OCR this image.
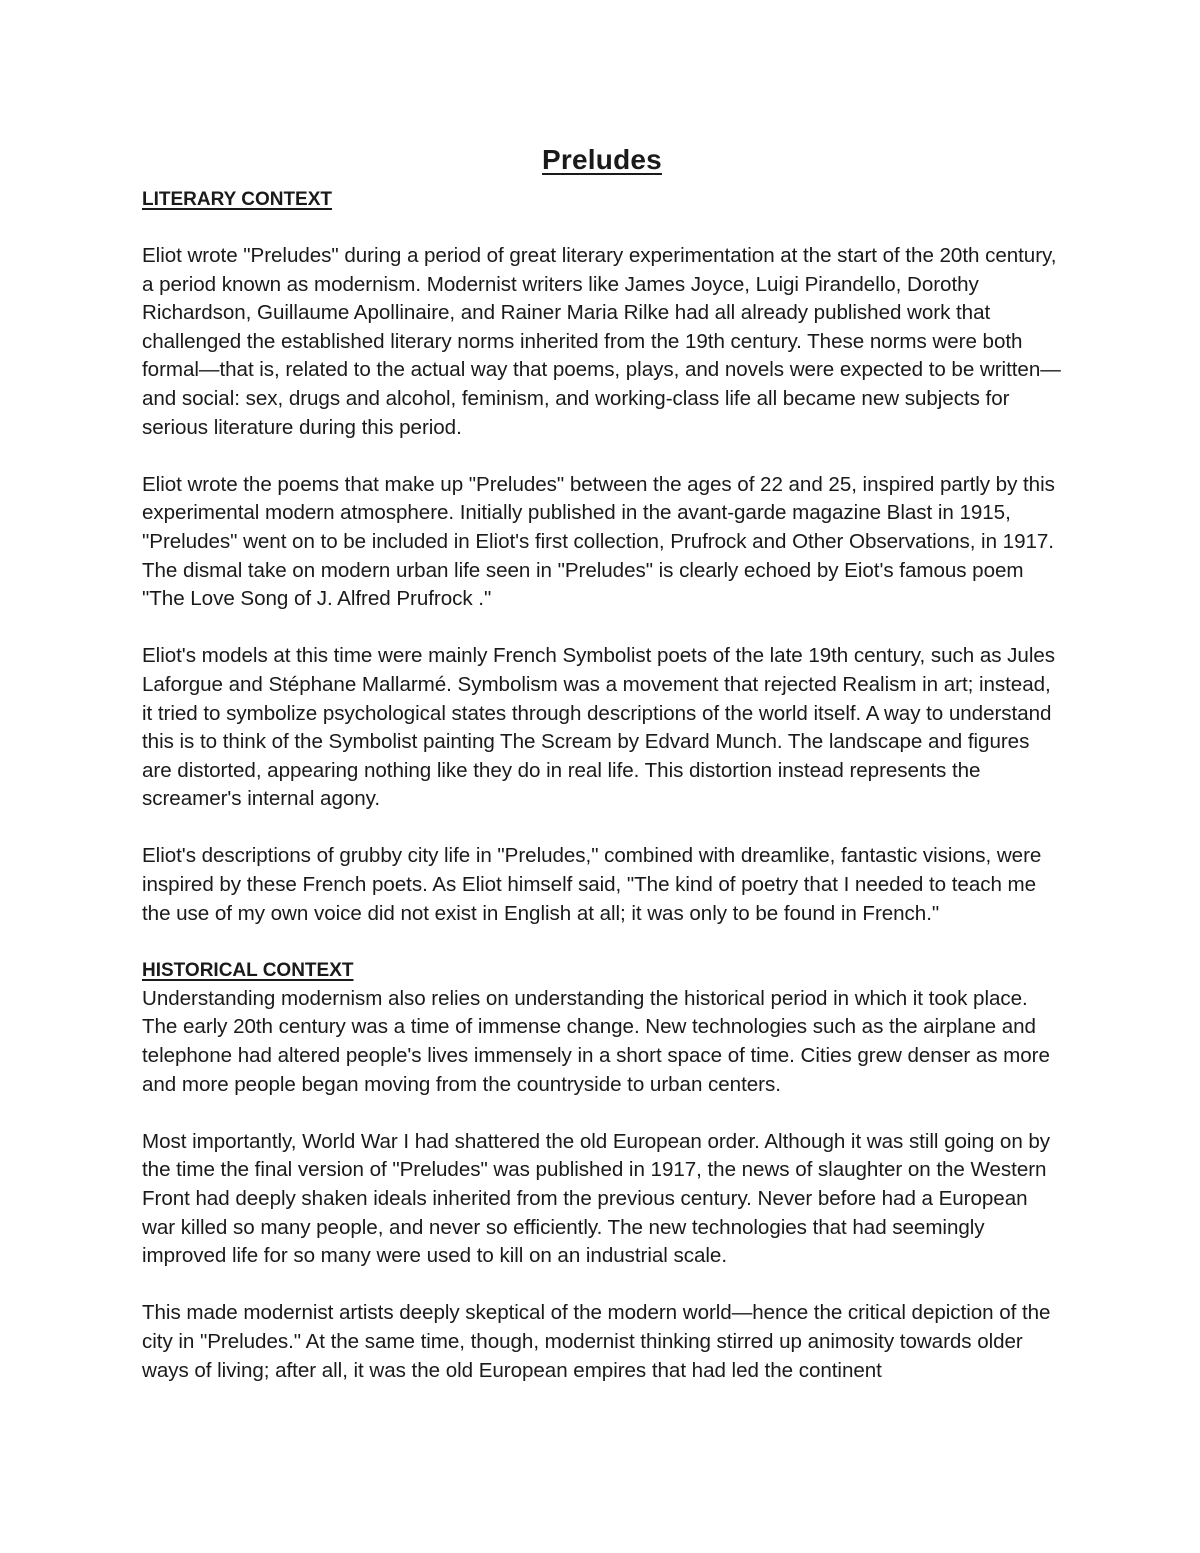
Preludes
LITERARY CONTEXT

Eliot wrote "Preludes" during a period of great literary experimentation at the start of the 20th century, a period known as modernism. Modernist writers like James Joyce, Luigi Pirandello, Dorothy Richardson, Guillaume Apollinaire, and Rainer Maria Rilke had all already published work that challenged the established literary norms inherited from the 19th century. These norms were both formal—that is, related to the actual way that poems, plays, and novels were expected to be written—and social: sex, drugs and alcohol, feminism, and working-class life all became new subjects for serious literature during this period.

Eliot wrote the poems that make up "Preludes" between the ages of 22 and 25, inspired partly by this experimental modern atmosphere. Initially published in the avant-garde magazine Blast in 1915, "Preludes" went on to be included in Eliot's first collection, Prufrock and Other Observations, in 1917. The dismal take on modern urban life seen in "Preludes" is clearly echoed by Eiot's famous poem "The Love Song of J. Alfred Prufrock ."

Eliot's models at this time were mainly French Symbolist poets of the late 19th century, such as Jules Laforgue and Stéphane Mallarmé. Symbolism was a movement that rejected Realism in art; instead, it tried to symbolize psychological states through descriptions of the world itself. A way to understand this is to think of the Symbolist painting The Scream by Edvard Munch. The landscape and figures are distorted, appearing nothing like they do in real life. This distortion instead represents the screamer's internal agony.

Eliot's descriptions of grubby city life in "Preludes," combined with dreamlike, fantastic visions, were inspired by these French poets. As Eliot himself said, "The kind of poetry that I needed to teach me the use of my own voice did not exist in English at all; it was only to be found in French."

HISTORICAL CONTEXT

Understanding modernism also relies on understanding the historical period in which it took place. The early 20th century was a time of immense change. New technologies such as the airplane and telephone had altered people's lives immensely in a short space of time. Cities grew denser as more and more people began moving from the countryside to urban centers.

Most importantly, World War I had shattered the old European order. Although it was still going on by the time the final version of "Preludes" was published in 1917, the news of slaughter on the Western Front had deeply shaken ideals inherited from the previous century. Never before had a European war killed so many people, and never so efficiently. The new technologies that had seemingly improved life for so many were used to kill on an industrial scale.

This made modernist artists deeply skeptical of the modern world—hence the critical depiction of the city in "Preludes." At the same time, though, modernist thinking stirred up animosity towards older ways of living; after all, it was the old European empires that had led the continent
